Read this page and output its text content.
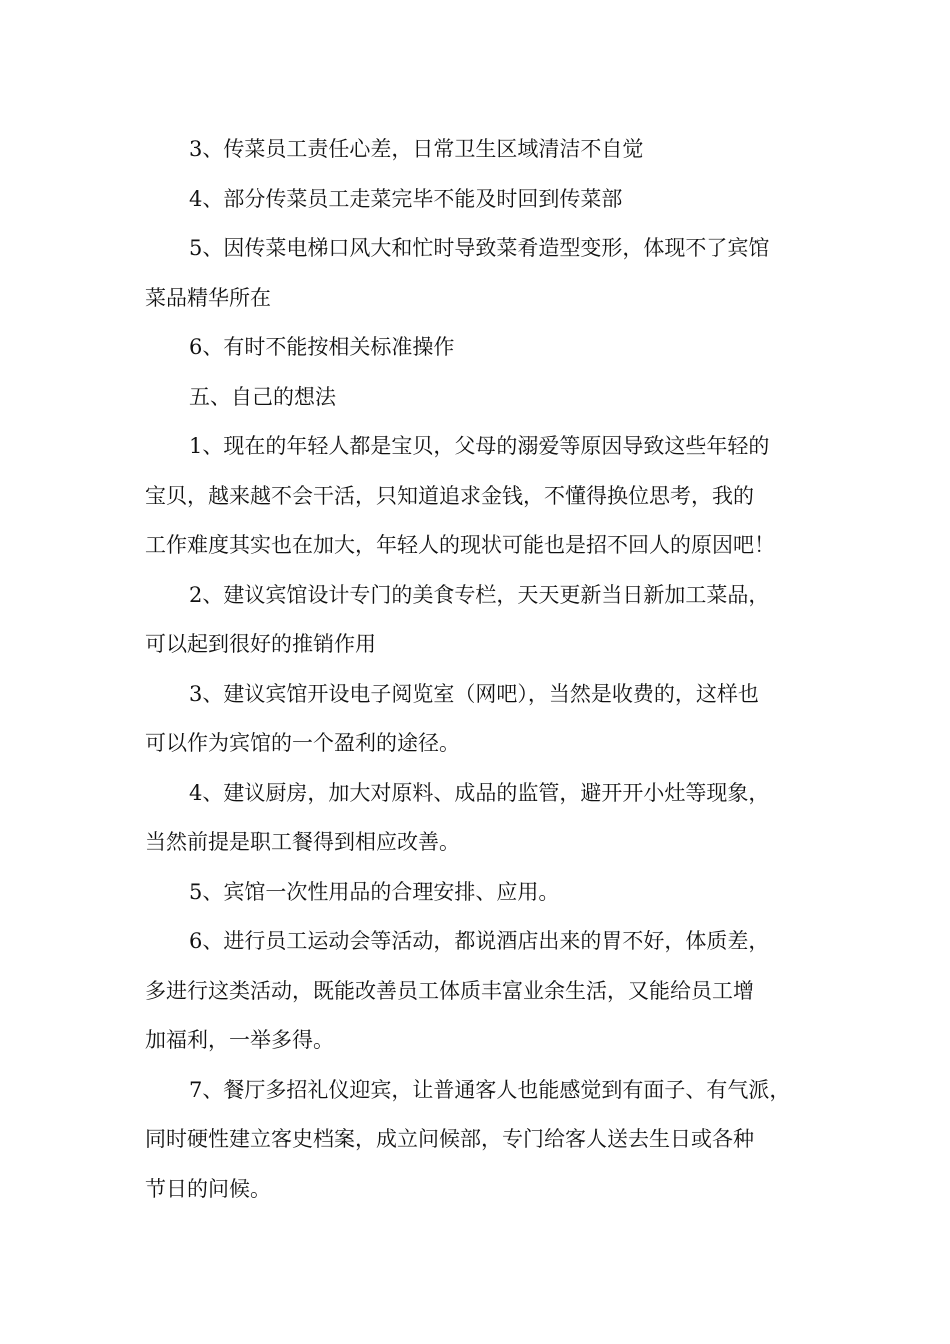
3、传菜员工责任心差，日常卫生区域清洁不自觉

4、部分传菜员工走菜完毕不能及时回到传菜部

5、因传菜电梯口风大和忙时导致菜肴造型变形，体现不了宾馆
菜品精华所在

6、有时不能按相关标准操作

五、自己的想法

1、现在的年轻人都是宝贝，父母的溺爱等原因导致这些年轻的
宝贝，越来越不会干活，只知道追求金钱，不懂得换位思考，我的
工作难度其实也在加大，年轻人的现状可能也是招不回人的原因吧！

2、建议宾馆设计专门的美食专栏，天天更新当日新加工菜品，
可以起到很好的推销作用

3、建议宾馆开设电子阅览室（网吧），当然是收费的，这样也
可以作为宾馆的一个盈利的途径。

4、建议厨房，加大对原料、成品的监管，避开开小灶等现象，
当然前提是职工餐得到相应改善。

5、宾馆一次性用品的合理安排、应用。

6、进行员工运动会等活动，都说酒店出来的胃不好，体质差，
多进行这类活动，既能改善员工体质丰富业余生活，又能给员工增
加福利，一举多得。

7、餐厅多招礼仪迎宾，让普通客人也能感觉到有面子、有气派，
同时硬性建立客史档案，成立问候部，专门给客人送去生日或各种
节日的问候。
